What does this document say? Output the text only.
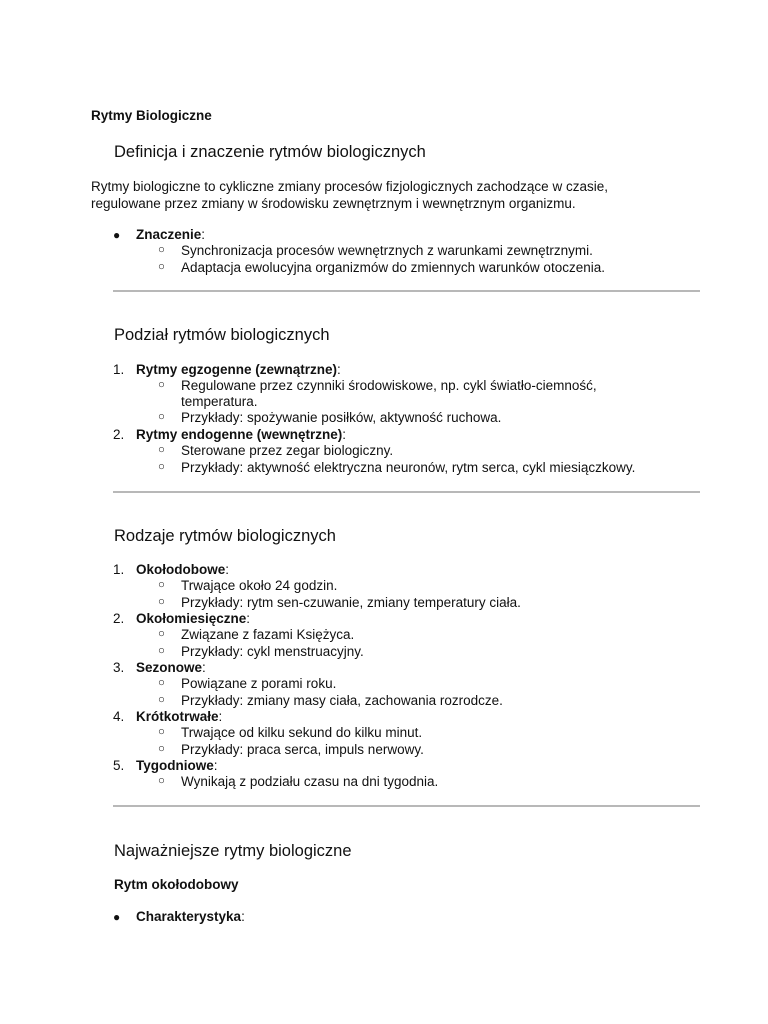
Rytmy Biologiczne
Definicja i znaczenie rytmów biologicznych
Rytmy biologiczne to cykliczne zmiany procesów fizjologicznych zachodzące w czasie,
regulowane przez zmiany w środowisku zewnętrznym i wewnętrznym organizmu.
● Znaczenie:
○ Synchronizacja procesów wewnętrznych z warunkami zewnętrznymi.
○ Adaptacja ewolucyjna organizmów do zmiennych warunków otoczenia.
Podział rytmów biologicznych
1. Rytmy egzogenne (zewnątrzne):
○ Regulowane przez czynniki środowiskowe, np. cykl światło-ciemność,
temperatura.
○ Przykłady: spożywanie posiłków, aktywność ruchowa.
2. Rytmy endogenne (wewnętrzne):
○ Sterowane przez zegar biologiczny.
○ Przykłady: aktywność elektryczna neuronów, rytm serca, cykl miesiączkowy.
Rodzaje rytmów biologicznych
1. Okołodobowe:
○ Trwające około 24 godzin.
○ Przykłady: rytm sen-czuwanie, zmiany temperatury ciała.
2. Okołomiesięczne:
○ Związane z fazami Księżyca.
○ Przykłady: cykl menstruacyjny.
3. Sezonowe:
○ Powiązane z porami roku.
○ Przykłady: zmiany masy ciała, zachowania rozrodcze.
4. Krótkotrwałe:
○ Trwające od kilku sekund do kilku minut.
○ Przykłady: praca serca, impuls nerwowy.
5. Tygodniowe:
○ Wynikają z podziału czasu na dni tygodnia.
Najważniejsze rytmy biologiczne
Rytm okołodobowy
● Charakterystyka:
